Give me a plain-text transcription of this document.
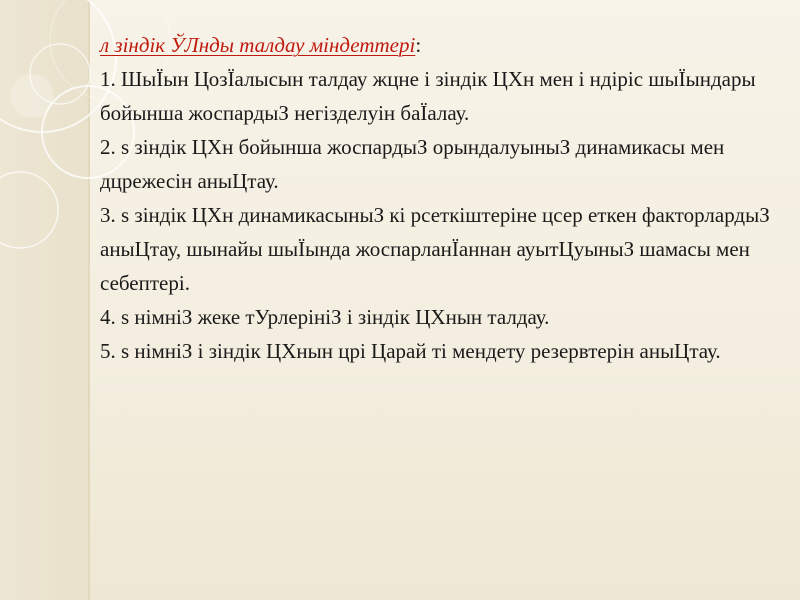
л зіндік ЎЛнды талдау міндеттері:

1. ШыЇын ЦозЇалысын талдау жцне і зіндік ЦХн мен і ндіріс шыЇындары бойынша жоспардыЗ негізделуін баЇалау.

2. ѕ зіндік ЦХн бойынша жоспардыЗ орындалуыныЗ динамикасы мен дцрежесін аныЦтау.

3. ѕ зіндік ЦХн динамикасыныЗ кі рсеткіштеріне цсер еткен факторлардыЗ аныЦтау, шынайы шыЇында жоспарланЇаннан ауытЦуыныЗ шамасы мен себептері.

4. ѕ німніЗ жеке тУрлерініЗ і зіндік ЦХнын талдау.

5. ѕ німніЗ і зіндік ЦХнын црі Царай ті мендету резервтерін аныЦтау.
